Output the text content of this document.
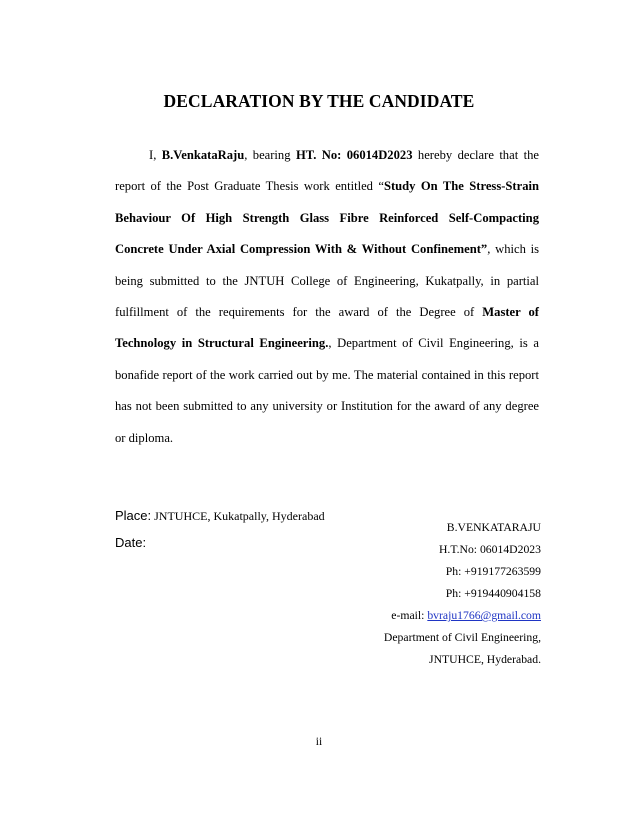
DECLARATION BY THE CANDIDATE
I, B.VenkataRaju, bearing HT. No: 06014D2023 hereby declare that the report of the Post Graduate Thesis work entitled “Study On The Stress-Strain Behaviour Of High Strength Glass Fibre Reinforced Self-Compacting Concrete Under Axial Compression With & Without Confinement”, which is being submitted to the JNTUH College of Engineering, Kukatpally, in partial fulfillment of the requirements for the award of the Degree of Master of Technology in Structural Engineering., Department of Civil Engineering, is a bonafide report of the work carried out by me. The material contained in this report has not been submitted to any university or Institution for the award of any degree or diploma.
Place: JNTUHCE, Kukatpally, Hyderabad
Date:
B.VENKATARAJU
H.T.No: 06014D2023
Ph: +919177263599
Ph: +919440904158
e-mail: bvraju1766@gmail.com
Department of Civil Engineering,
JNTUHCE, Hyderabad.
ii
